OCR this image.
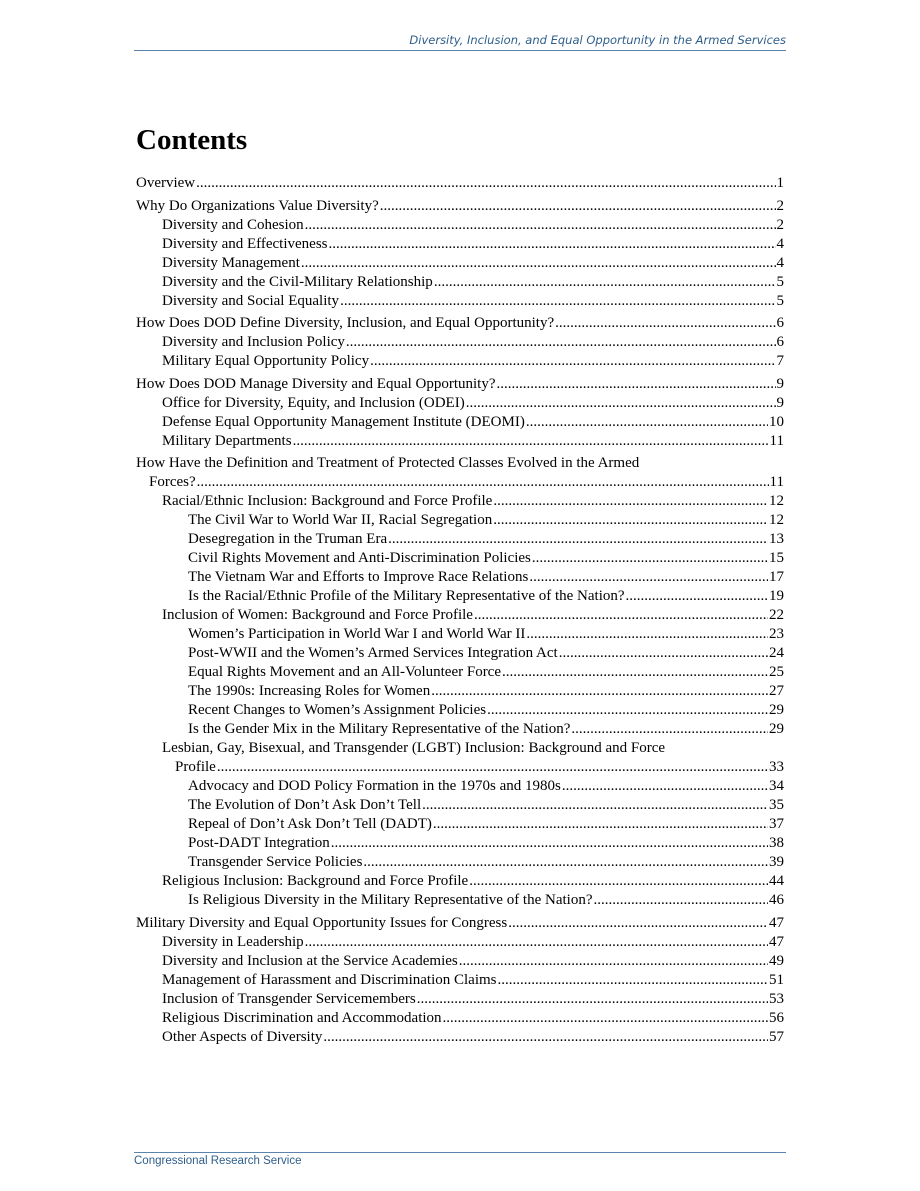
Diversity, Inclusion, and Equal Opportunity in the Armed Services
Contents
Overview .....	1
Why Do Organizations Value Diversity? .....	2
Diversity and Cohesion .....	2
Diversity and Effectiveness .....	4
Diversity Management .....	4
Diversity and the Civil-Military Relationship .....	5
Diversity and Social Equality .....	5
How Does DOD Define Diversity, Inclusion, and Equal Opportunity? .....	6
Diversity and Inclusion Policy .....	6
Military Equal Opportunity Policy .....	7
How Does DOD Manage Diversity and Equal Opportunity? .....	9
Office for Diversity, Equity, and Inclusion (ODEI) .....	9
Defense Equal Opportunity Management Institute (DEOMI) .....	10
Military Departments .....	11
How Have the Definition and Treatment of Protected Classes Evolved in the Armed
Forces? .....	11
Racial/Ethnic Inclusion: Background and Force Profile .....	12
The Civil War to World War II, Racial Segregation .....	12
Desegregation in the Truman Era .....	13
Civil Rights Movement and Anti-Discrimination Policies .....	15
The Vietnam War and Efforts to Improve Race Relations .....	17
Is the Racial/Ethnic Profile of the Military Representative of the Nation? .....	19
Inclusion of Women: Background and Force Profile .....	22
Women’s Participation in World War I and World War II .....	23
Post-WWII and the Women’s Armed Services Integration Act .....	24
Equal Rights Movement and an All-Volunteer Force .....	25
The 1990s: Increasing Roles for Women .....	27
Recent Changes to Women’s Assignment Policies .....	29
Is the Gender Mix in the Military Representative of the Nation? .....	29
Lesbian, Gay, Bisexual, and Transgender (LGBT) Inclusion: Background and Force
Profile .....	33
Advocacy and DOD Policy Formation in the 1970s and 1980s .....	34
The Evolution of Don’t Ask Don’t Tell .....	35
Repeal of Don’t Ask Don’t Tell (DADT) .....	37
Post-DADT Integration .....	38
Transgender Service Policies .....	39
Religious Inclusion: Background and Force Profile .....	44
Is Religious Diversity in the Military Representative of the Nation? .....	46
Military Diversity and Equal Opportunity Issues for Congress .....	47
Diversity in Leadership .....	47
Diversity and Inclusion at the Service Academies .....	49
Management of Harassment and Discrimination Claims .....	51
Inclusion of Transgender Servicemembers .....	53
Religious Discrimination and Accommodation .....	56
Other Aspects of Diversity .....	57
Congressional Research Service
